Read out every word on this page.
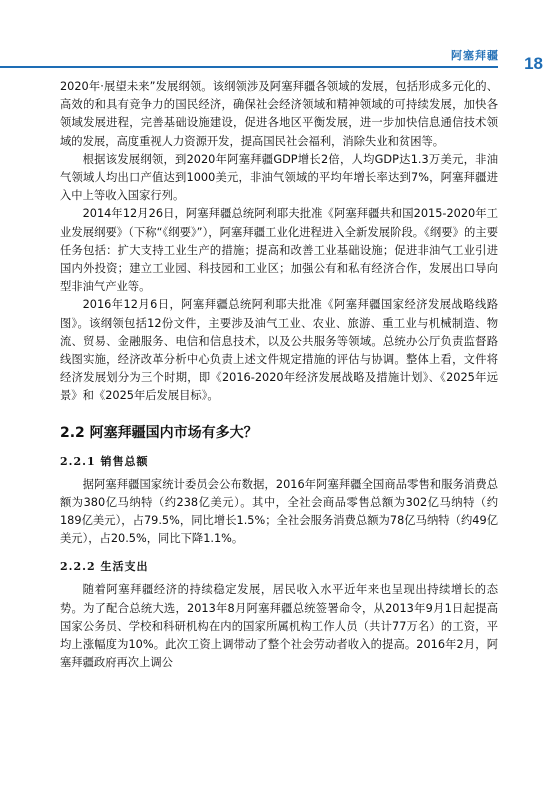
阿塞拜疆 18

2020年·展望未来”发展纲领。该纲领涉及阿塞拜疆各领域的发展，包括形成多元化的、高效的和具有竞争力的国民经济，确保社会经济领域和精神领域的可持续发展，加快各领域发展进程，完善基础设施建设，促进各地区平衡发展，进一步加快信息通信技术领域的发展，高度重视人力资源开发，提高国民社会福利，消除失业和贫困等。

根据该发展纲领，到2020年阿塞拜疆GDP增长2倍，人均GDP达1.3万美元，非油气领域人均出口产值达到1000美元，非油气领域的平均年增长率达到7%，阿塞拜疆进入中上等收入国家行列。

2014年12月26日，阿塞拜疆总统阿利耶夫批准《阿塞拜疆共和国2015-2020年工业发展纲要》（下称“《纲要》”），阿塞拜疆工业化进程进入全新发展阶段。《纲要》的主要任务包括：扩大支持工业生产的措施；提高和改善工业基础设施；促进非油气工业引进国内外投资；建立工业园、科技园和工业区；加强公有和私有经济合作，发展出口导向型非油气产业等。

2016年12月6日，阿塞拜疆总统阿利耶夫批准《阿塞拜疆国家经济发展战略线路图》。该纲领包括12份文件，主要涉及油气工业、农业、旅游、重工业与机械制造、物流、贸易、金融服务、电信和信息技术，以及公共服务等领域。总统办公厅负责监督路线图实施，经济改革分析中心负责上述文件规定措施的评估与协调。整体上看，文件将经济发展划分为三个时期，即《2016-2020年经济发展战略及措施计划》、《2025年远景》和《2025年后发展目标》。

2.2 阿塞拜疆国内市场有多大？
2.2.1 销售总额

据阿塞拜疆国家统计委员会公布数据，2016年阿塞拜疆全国商品零售和服务消费总额为380亿马纳特（约238亿美元）。其中，全社会商品零售总额为302亿马纳特（约189亿美元），占79.5%，同比增长1.5%；全社会服务消费总额为78亿马纳特（约49亿美元），占20.5%，同比下降1.1%。

2.2.2 生活支出

随着阿塞拜疆经济的持续稳定发展，居民收入水平近年来也呈现出持续增长的态势。为了配合总统大选，2013年8月阿塞拜疆总统签署命令，从2013年9月1日起提高国家公务员、学校和科研机构在内的国家所属机构工作人员（共计77万名）的工资，平均上涨幅度为10%。此次工资上调带动了整个社会劳动者收入的提高。2016年2月，阿塞拜疆政府再次上调公
